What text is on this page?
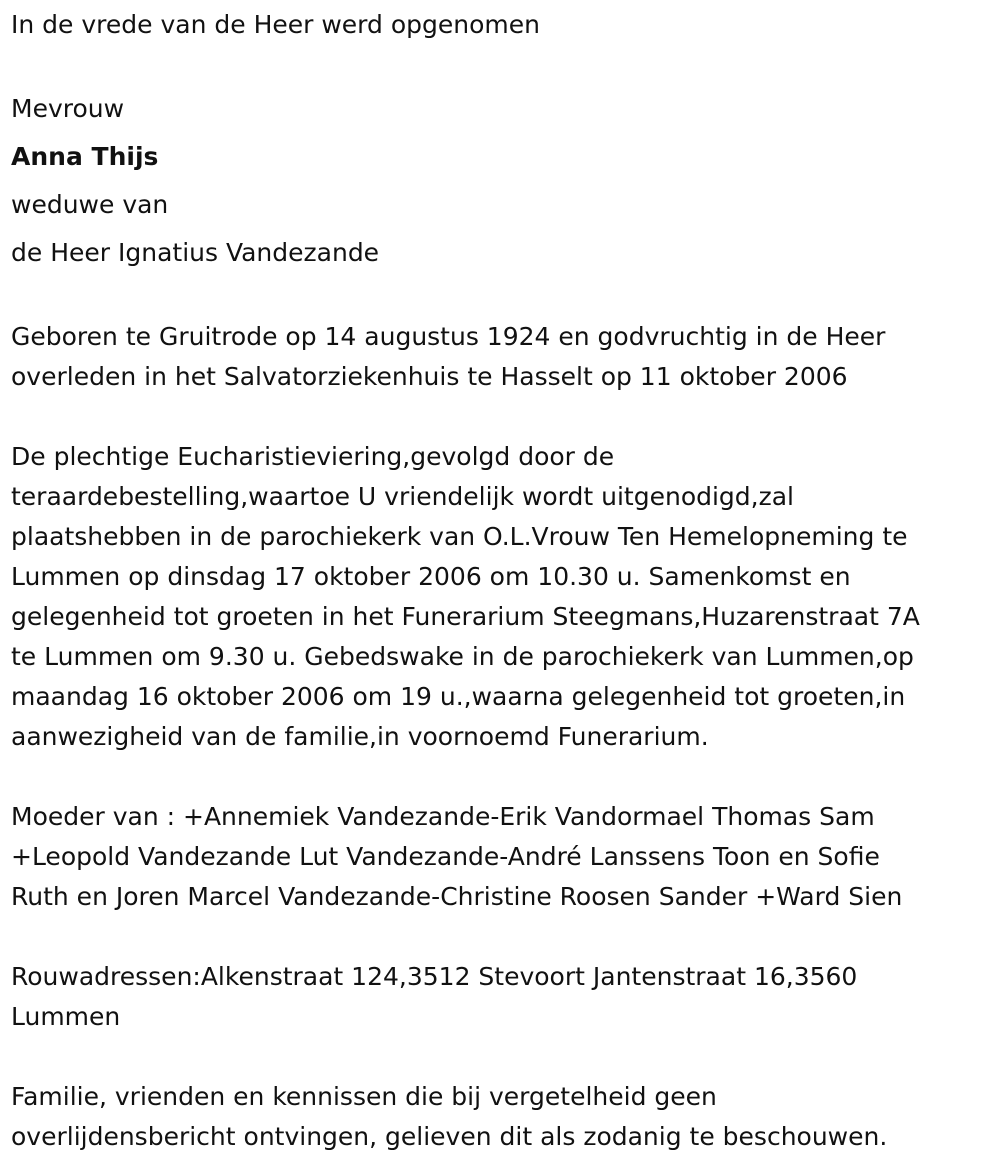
In de vrede van de Heer werd opgenomen

Mevrouw

Anna Thijs

weduwe van

de Heer Ignatius Vandezande

Geboren te Gruitrode op 14 augustus 1924 en godvruchtig in de Heer
overleden in het Salvatorziekenhuis te Hasselt op 11 oktober 2006
De plechtige Eucharistieviering,gevolgd door de
teraardebestelling,waartoe U vriendelijk wordt uitgenodigd,zal
plaatshebben in de parochiekerk van O.L.Vrouw Ten Hemelopneming te
Lummen op dinsdag 17 oktober 2006 om 10.30 u. Samenkomst en
gelegenheid tot groeten in het Funerarium Steegmans,Huzarenstraat 7A
te Lummen om 9.30 u. Gebedswake in de parochiekerk van Lummen,op
maandag 16 oktober 2006 om 19 u.,waarna gelegenheid tot groeten,in
aanwezigheid van de familie,in voornoemd Funerarium.
Moeder van : +Annemiek Vandezande-Erik Vandormael Thomas Sam
+Leopold Vandezande Lut Vandezande-André Lanssens Toon en Sofie
Ruth en Joren Marcel Vandezande-Christine Roosen Sander +Ward Sien
Rouwadressen:Alkenstraat 124,3512 Stevoort Jantenstraat 16,3560
Lummen
Familie, vrienden en kennissen die bij vergetelheid geen
overlijdensbericht ontvingen, gelieven dit als zodanig te beschouwen.
